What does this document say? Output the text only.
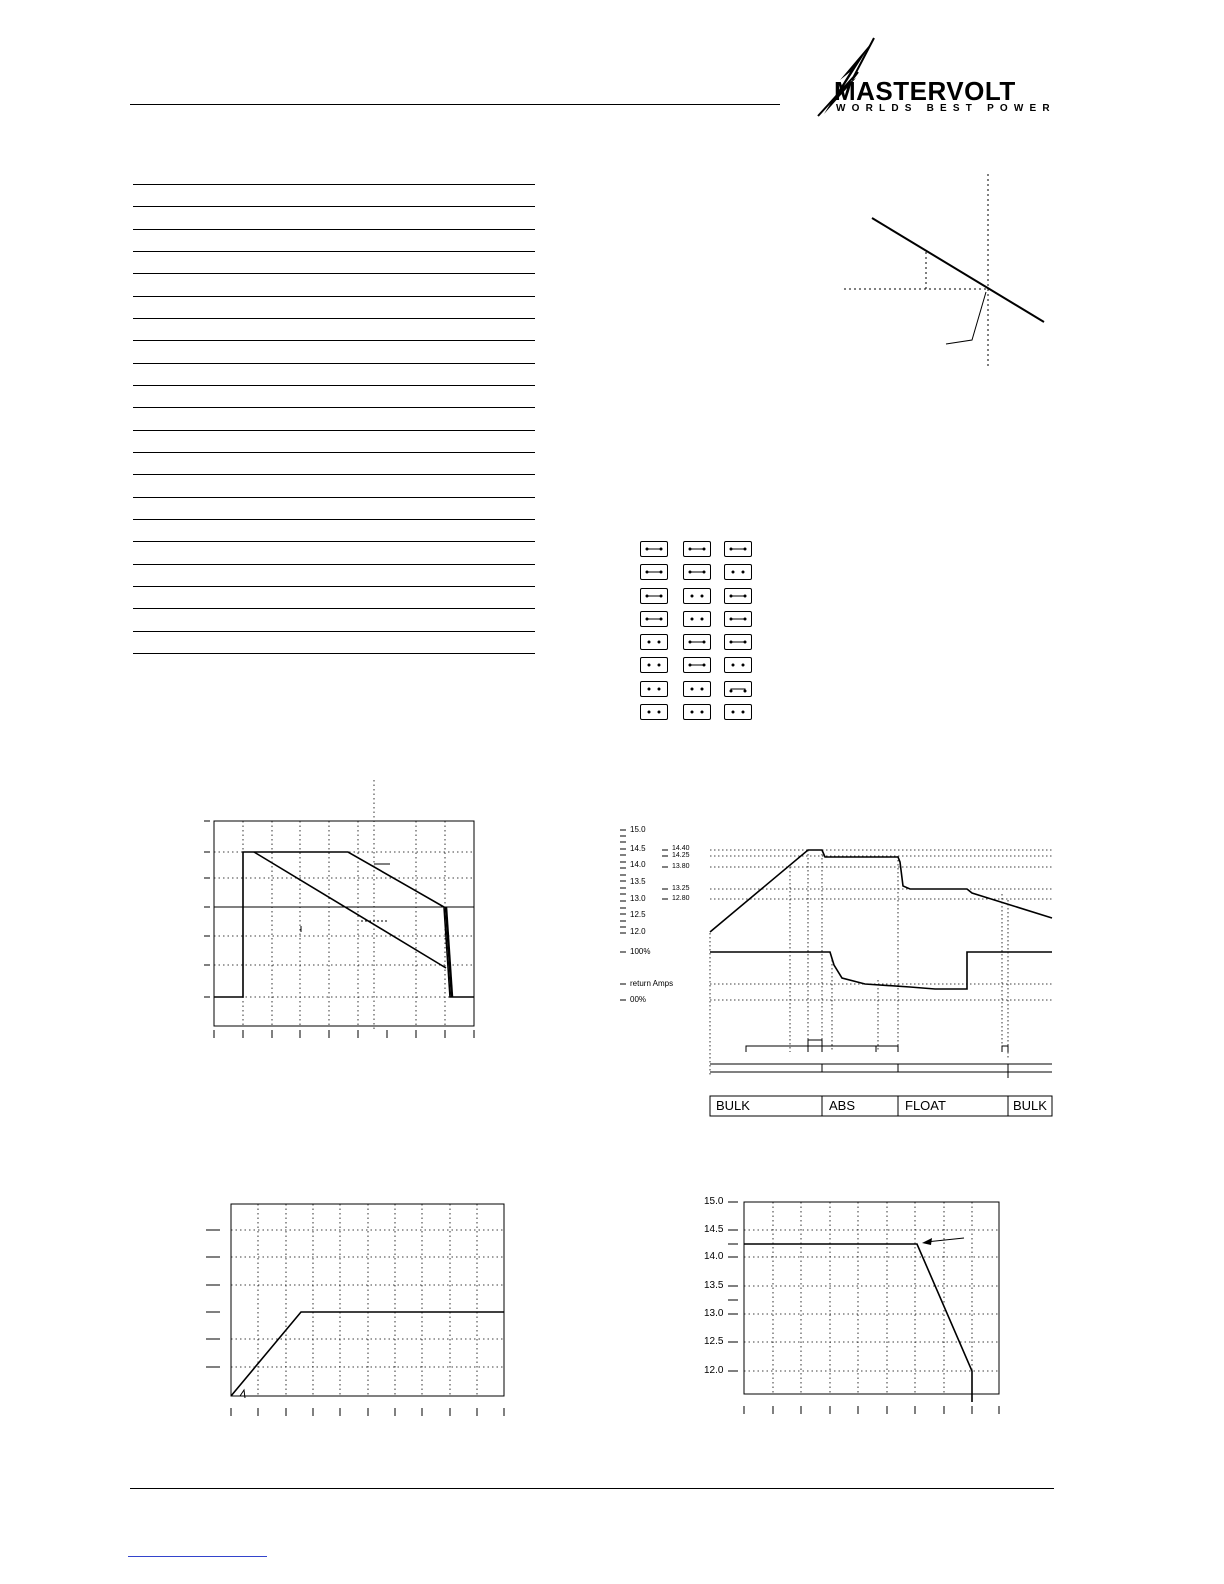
MASTERVOLT
WORLDS BEST POWER
15.0
14.5
14.0
13.5
13.0
12.5
12.0
14.40
14.25
13.80
13.25
12.80
100%
return Amps
00%
BULK	ABS	FLOAT	BULK
15.0
14.5
14.0
13.5
13.0
12.5
12.0
